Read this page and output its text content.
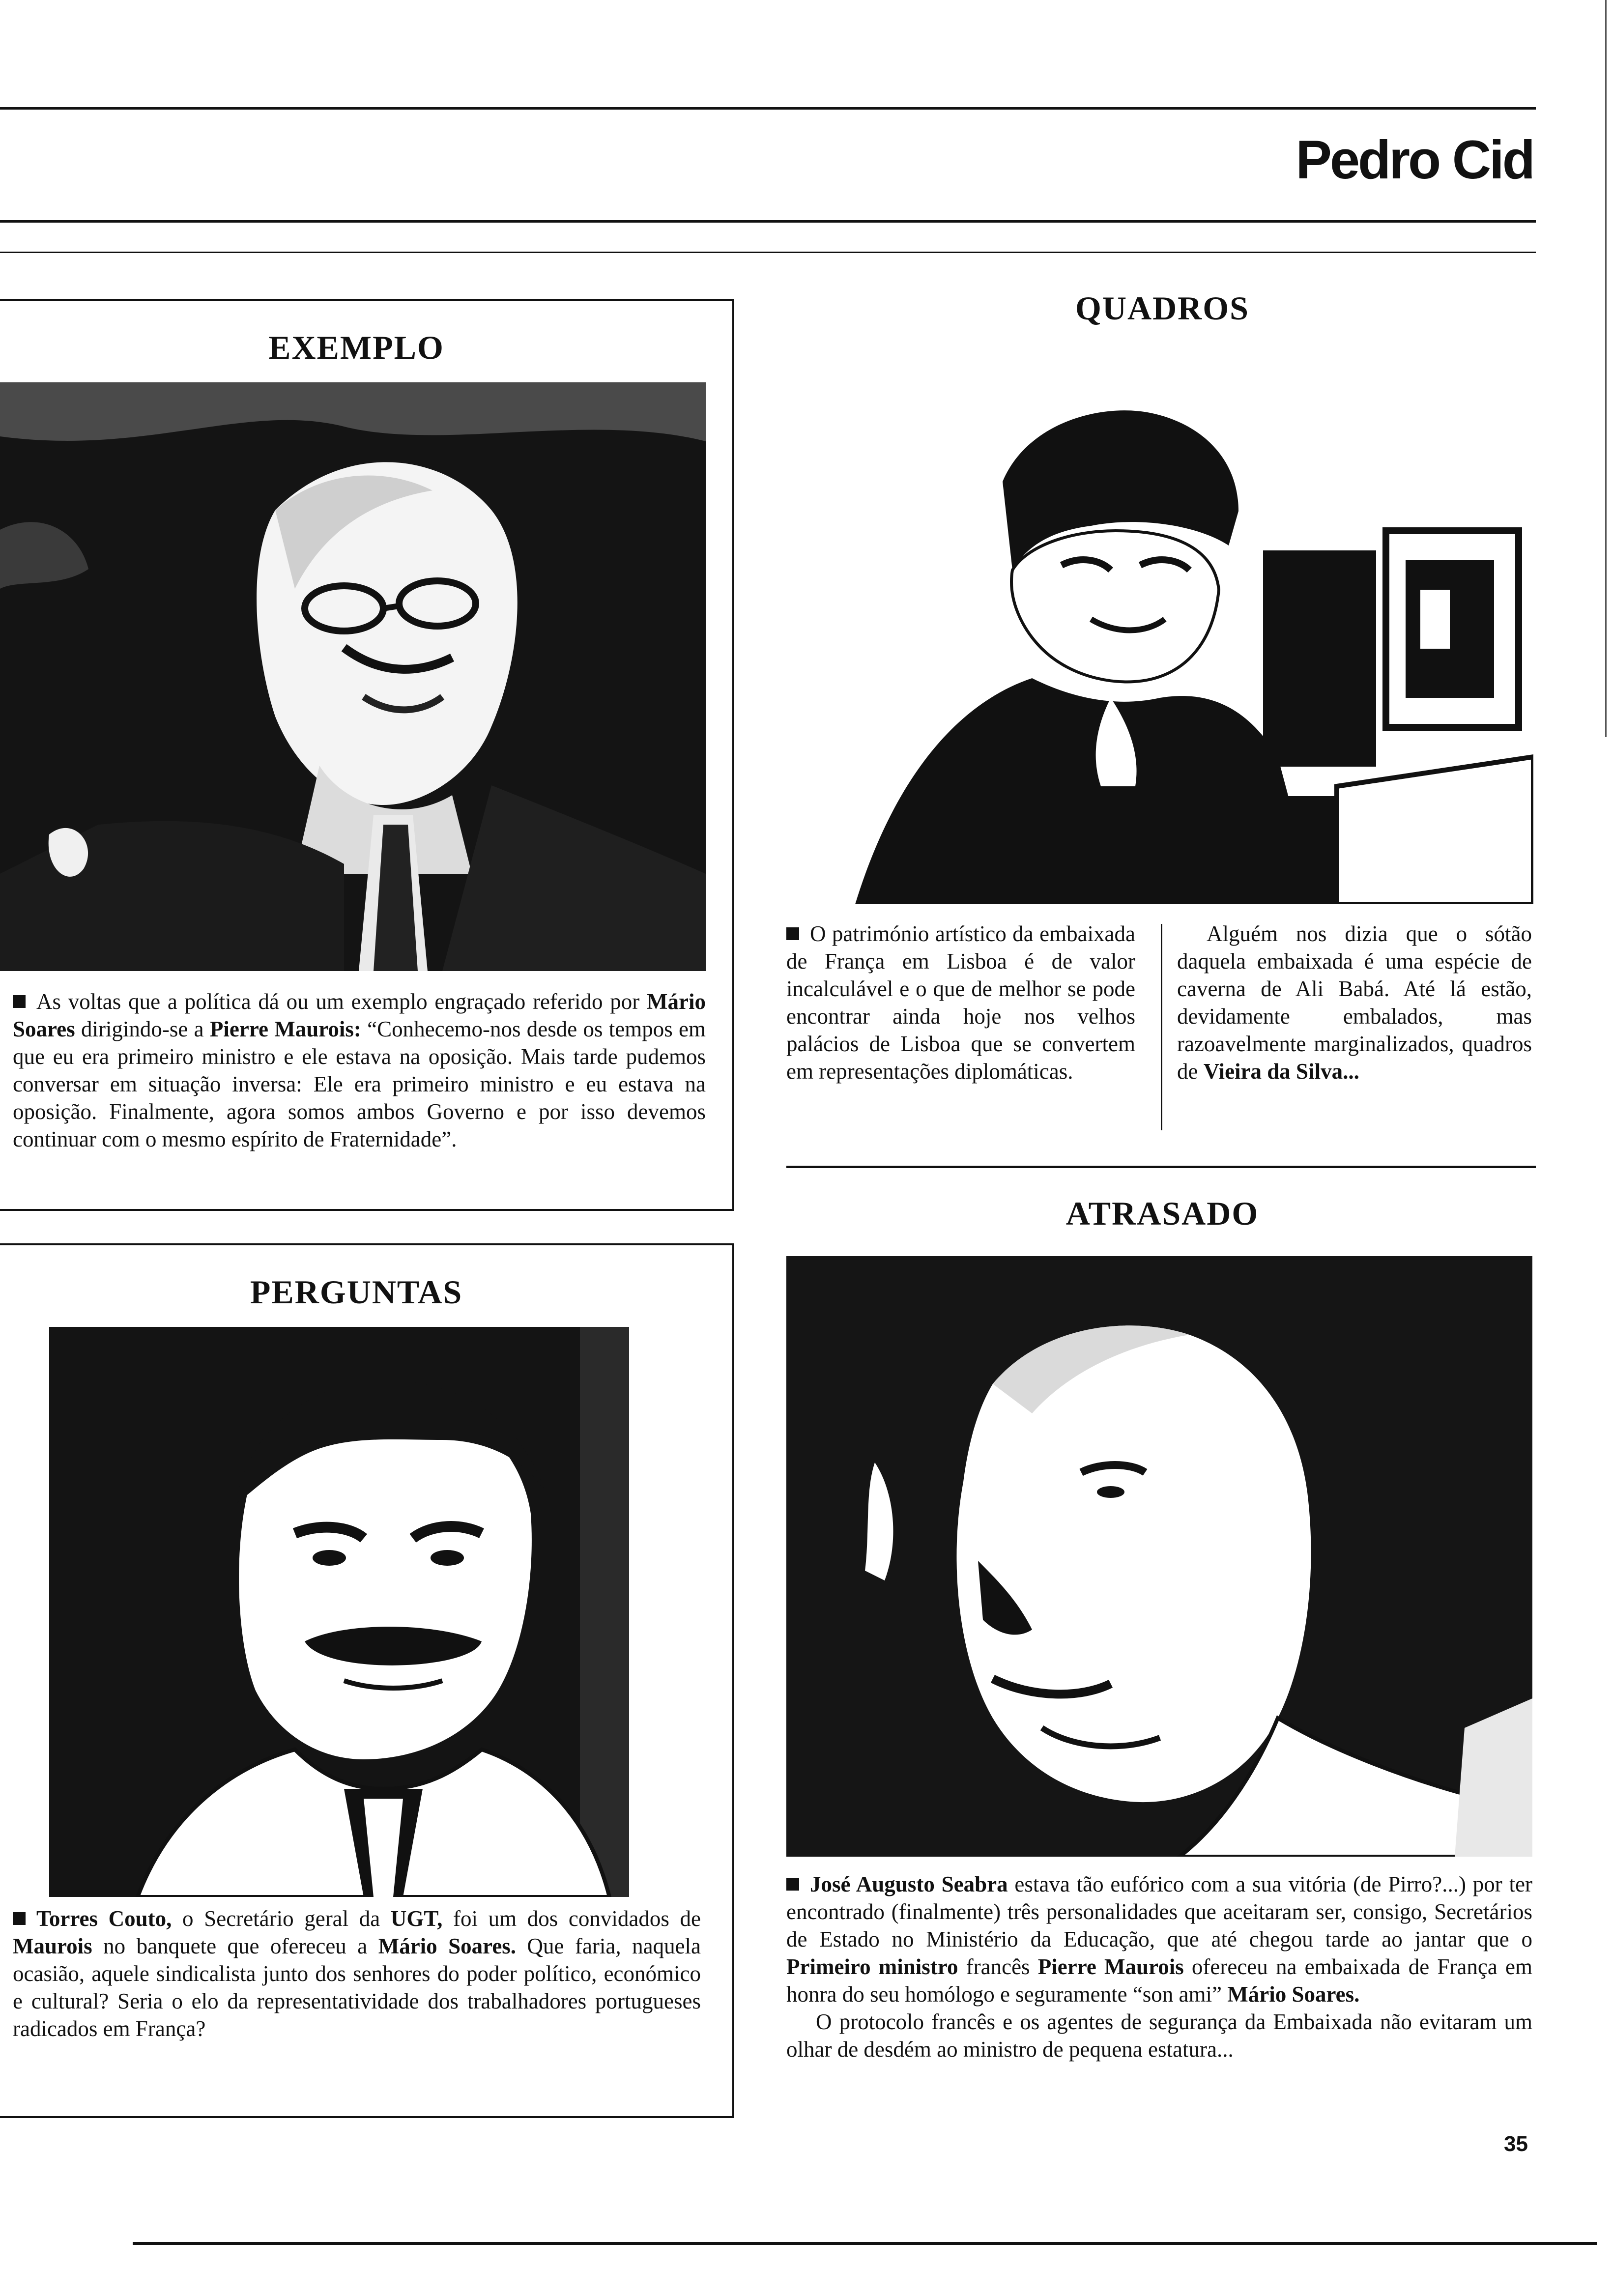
Pedro Cid
EXEMPLO

As voltas que a política dá ou um exemplo engraçado referido por Mário Soares dirigindo-se a Pierre Maurois: “Conhecemo-nos desde os tempos em que eu era primeiro ministro e ele estava na oposição. Mais tarde pudemos conversar em situação inversa: Ele era primeiro ministro e eu estava na oposição. Finalmente, agora somos ambos Governo e por isso devemos continuar com o mesmo espírito de Fraternidade”.

QUADROS

O património artístico da embaixada de França em Lisboa é de valor incalculável e o que de melhor se pode encontrar ainda hoje nos velhos palácios de Lisboa que se convertem em representações diplomáticas.

Alguém nos dizia que o sótão daquela embaixada é uma espécie de caverna de Ali Babá. Até lá estão, devidamente embalados, mas razoavelmente marginalizados, quadros de Vieira da Silva...

PERGUNTAS

Torres Couto, o Secretário geral da UGT, foi um dos convidados de Maurois no banquete que ofereceu a Mário Soares. Que faria, naquela ocasião, aquele sindicalista junto dos senhores do poder político, económico e cultural? Seria o elo da representatividade dos trabalhadores portugueses radicados em França?

ATRASADO

José Augusto Seabra estava tão eufórico com a sua vitória (de Pirro?...) por ter encontrado (finalmente) três personalidades que aceitaram ser, consigo, Secretários de Estado no Ministério da Educação, que até chegou tarde ao jantar que o Primeiro ministro francês Pierre Maurois ofereceu na embaixada de França em honra do seu homólogo e seguramente “son ami” Mário Soares.

O protocolo francês e os agentes de segurança da Embaixada não evitaram um olhar de desdém ao ministro de pequena estatura...

35
